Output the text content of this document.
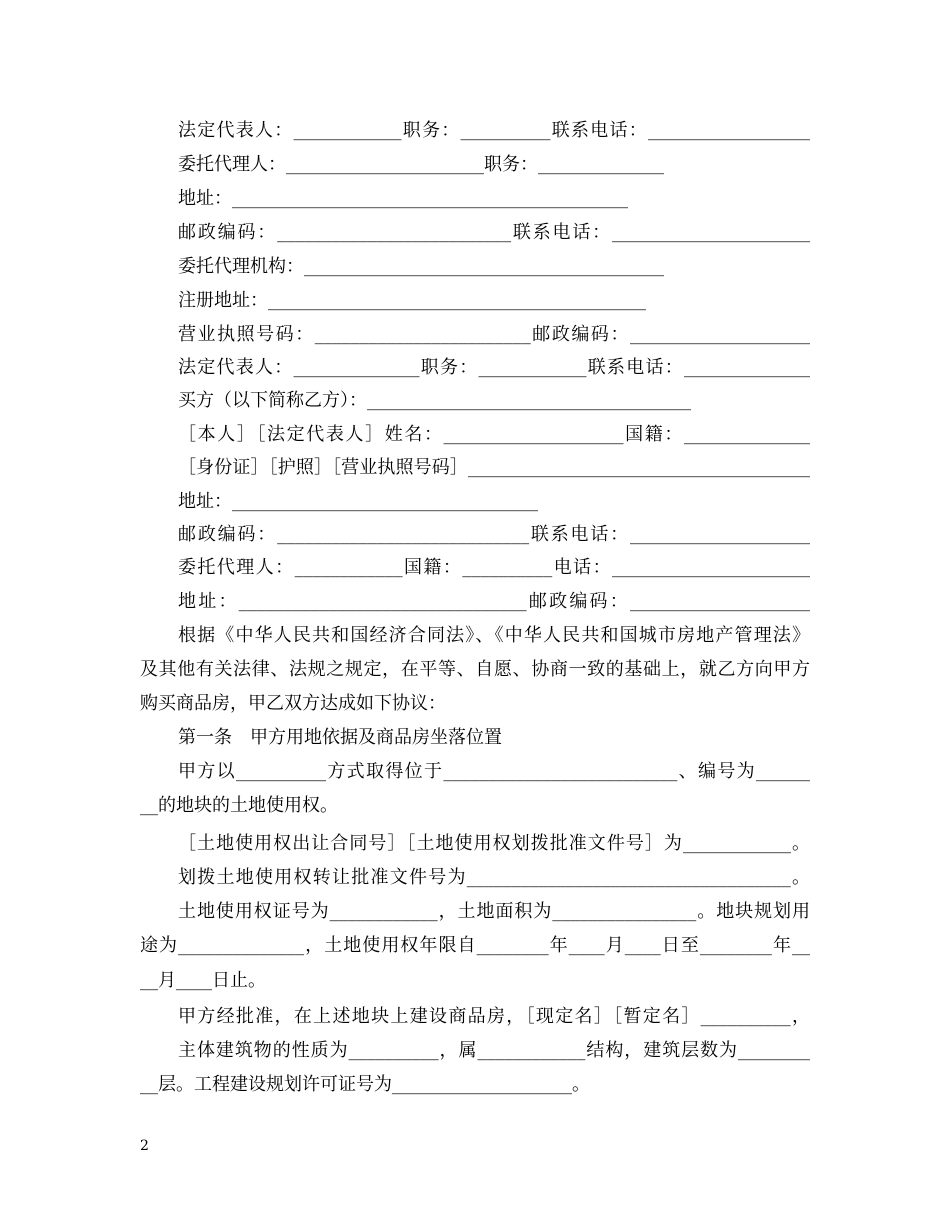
法定代表人：____________职务：__________联系电话：__________________
委托代理人：______________________职务：______________
地址：____________________________________________
邮政编码：__________________________联系电话：______________________
委托代理机构：________________________________________
注册地址：__________________________________________
营业执照号码：________________________邮政编码：____________________
法定代表人：______________职务：____________联系电话：______________
买方（以下简称乙方）：____________________________________
［本人］［法定代表人］姓名：____________________国籍：______________
［身份证］［护照］［营业执照号码］______________________________________
地址：__________________________________
邮政编码：____________________________联系电话：____________________
委托代理人：____________国籍：__________电话：______________________
地址：________________________________邮政编码：____________________
根据《中华人民共和国经济合同法》、《中华人民共和国城市房地产管理法》
及其他有关法律、法规之规定，在平等、自愿、协商一致的基础上，就乙方向甲方
购买商品房，甲乙双方达成如下协议：
第一条　甲方用地依据及商品房坐落位置
甲方以__________方式取得位于__________________________、编号为______
__的地块的土地使用权。
［土地使用权出让合同号］［土地使用权划拨批准文件号］为____________。
划拨土地使用权转让批准文件号为____________________________________。
土地使用权证号为____________，土地面积为________________。地块规划用
途为______________，土地使用权年限自________年____月____日至________年__
__月____日止。
甲方经批准，在上述地块上建设商品房，［现定名］［暂定名］__________，
主体建筑物的性质为__________，属____________结构，建筑层数为________
__层。工程建设规划许可证号为____________________。
2
